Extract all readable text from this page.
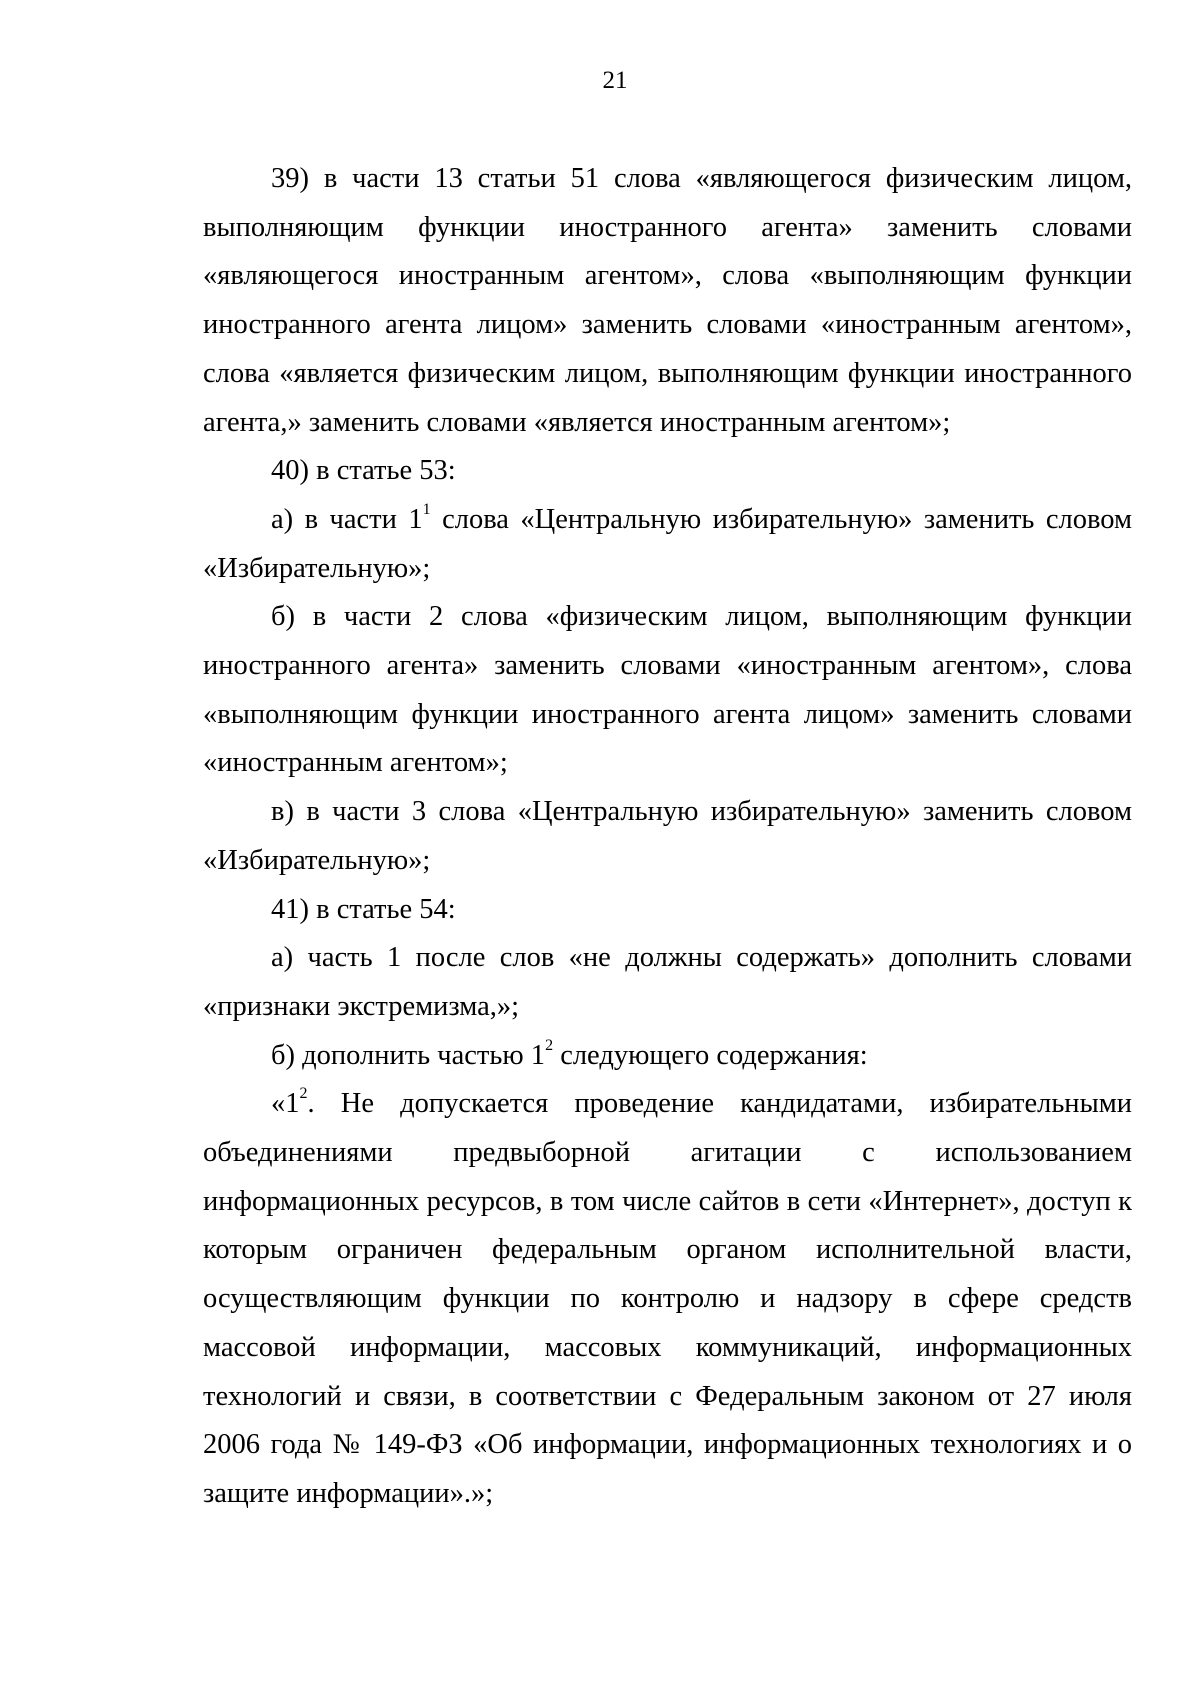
21

39) в части 13 статьи 51 слова «являющегося физическим лицом, выполняющим функции иностранного агента» заменить словами «являющегося иностранным агентом», слова «выполняющим функции иностранного агента лицом» заменить словами «иностранным агентом», слова «является физическим лицом, выполняющим функции иностранного агента,» заменить словами «является иностранным агентом»;

40) в статье 53:

а) в части 1$^1$ слова «Центральную избирательную» заменить словом «Избирательную»;

б) в части 2 слова «физическим лицом, выполняющим функции иностранного агента» заменить словами «иностранным агентом», слова «выполняющим функции иностранного агента лицом» заменить словами «иностранным агентом»;

в) в части 3 слова «Центральную избирательную» заменить словом «Избирательную»;

41) в статье 54:

а) часть 1 после слов «не должны содержать» дополнить словами «признаки экстремизма,»;

б) дополнить частью 1$^2$ следующего содержания:

«1$^2$. Не допускается проведение кандидатами, избирательными объединениями предвыборной агитации с использованием информационных ресурсов, в том числе сайтов в сети «Интернет», доступ к которым ограничен федеральным органом исполнительной власти, осуществляющим функции по контролю и надзору в сфере средств массовой информации, массовых коммуникаций, информационных технологий и связи, в соответствии с Федеральным законом от 27 июля 2006 года № 149-ФЗ «Об информации, информационных технологиях и о защите информации».»;
